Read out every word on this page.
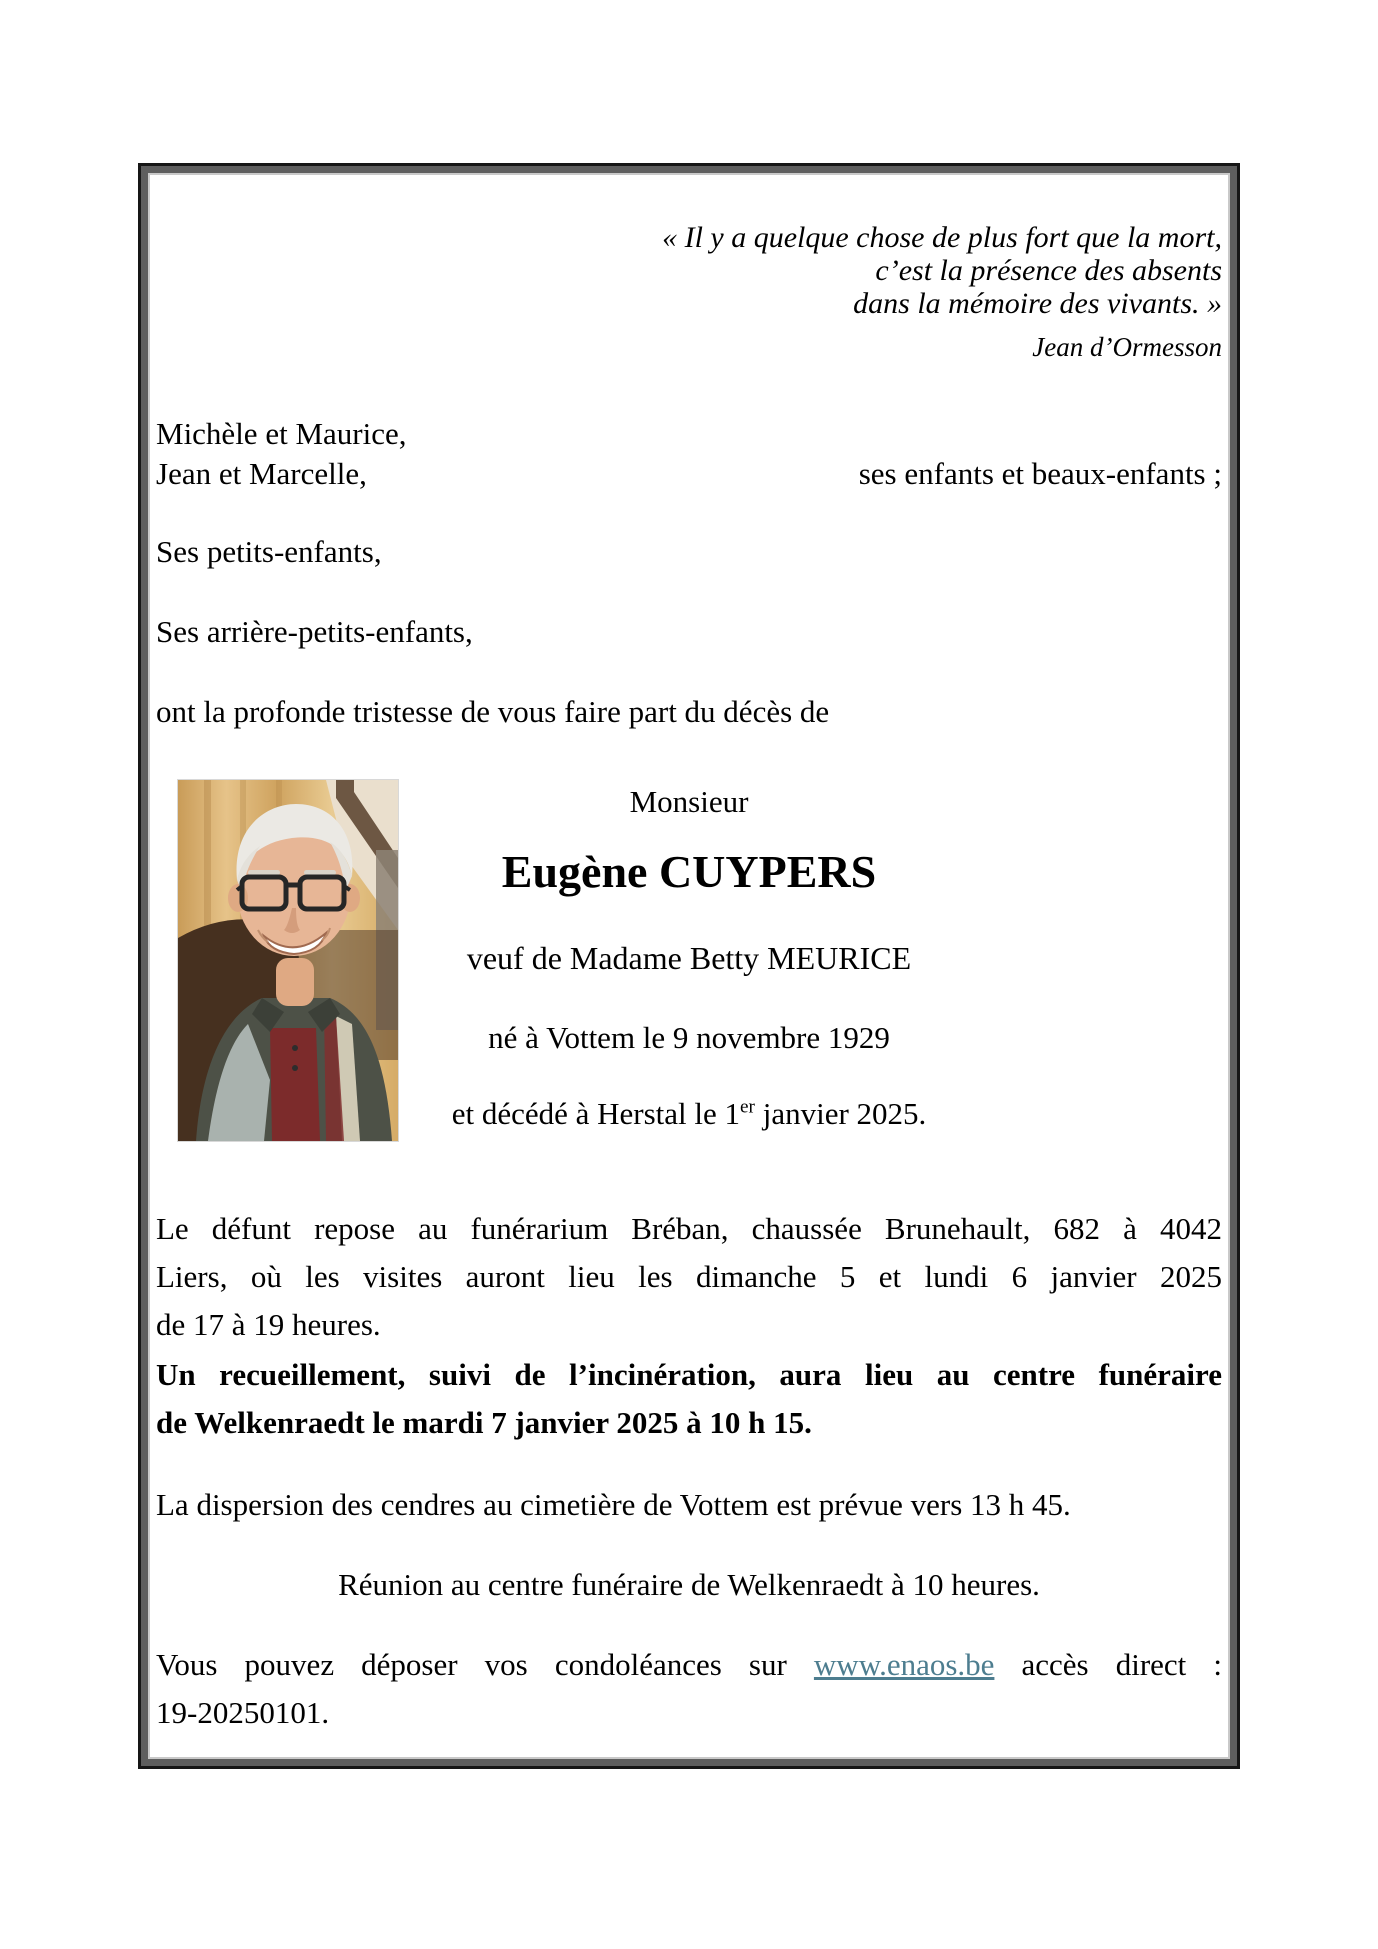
« Il y a quelque chose de plus fort que la mort,
c’est la présence des absents
dans la mémoire des vivants. »
Jean d’Ormesson
Michèle et Maurice,
Jean et Marcelle,	ses enfants et beaux-enfants ;
Ses petits-enfants,
Ses arrière-petits-enfants,
ont la profonde tristesse de vous faire part du décès de
Monsieur
Eugène CUYPERS
veuf de Madame Betty MEURICE
né à Vottem le 9 novembre 1929
et décédé à Herstal le 1er janvier 2025.
Le défunt repose au funérarium Bréban, chaussée Brunehault, 682 à 4042
Liers, où les visites auront lieu les dimanche 5 et lundi 6 janvier 2025
de 17 à 19 heures.
Un recueillement, suivi de l’incinération, aura lieu au centre funéraire
de Welkenraedt le mardi 7 janvier 2025 à 10 h 15.
La dispersion des cendres au cimetière de Vottem est prévue vers 13 h 45.
Réunion au centre funéraire de Welkenraedt à 10 heures.
Vous pouvez déposer vos condoléances sur www.enaos.be accès direct :
19-20250101.
